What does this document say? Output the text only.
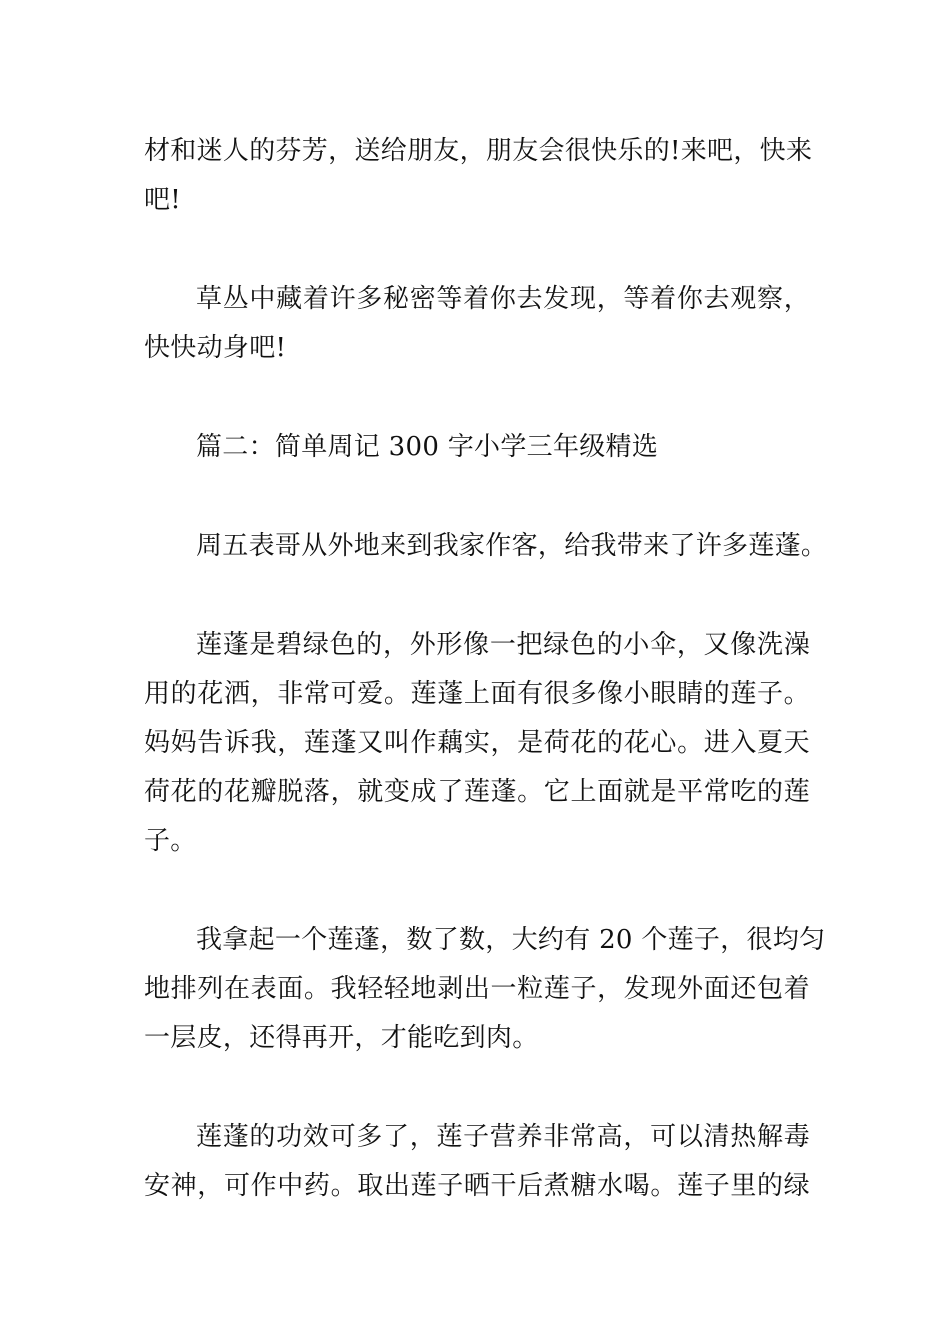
材和迷人的芬芳，送给朋友，朋友会很快乐的!来吧，快来
吧!
草丛中藏着许多秘密等着你去发现，等着你去观察，
快快动身吧!
篇二：简单周记 300 字小学三年级精选
周五表哥从外地来到我家作客，给我带来了许多莲蓬。
莲蓬是碧绿色的，外形像一把绿色的小伞，又像洗澡
用的花洒，非常可爱。莲蓬上面有很多像小眼睛的莲子。
妈妈告诉我，莲蓬又叫作藕实，是荷花的花心。进入夏天
荷花的花瓣脱落，就变成了莲蓬。它上面就是平常吃的莲
子。
我拿起一个莲蓬，数了数，大约有 20 个莲子，很均匀
地排列在表面。我轻轻地剥出一粒莲子，发现外面还包着
一层皮，还得再开，才能吃到肉。
莲蓬的功效可多了，莲子营养非常高，可以清热解毒
安神，可作中药。取出莲子晒干后煮糖水喝。莲子里的绿
